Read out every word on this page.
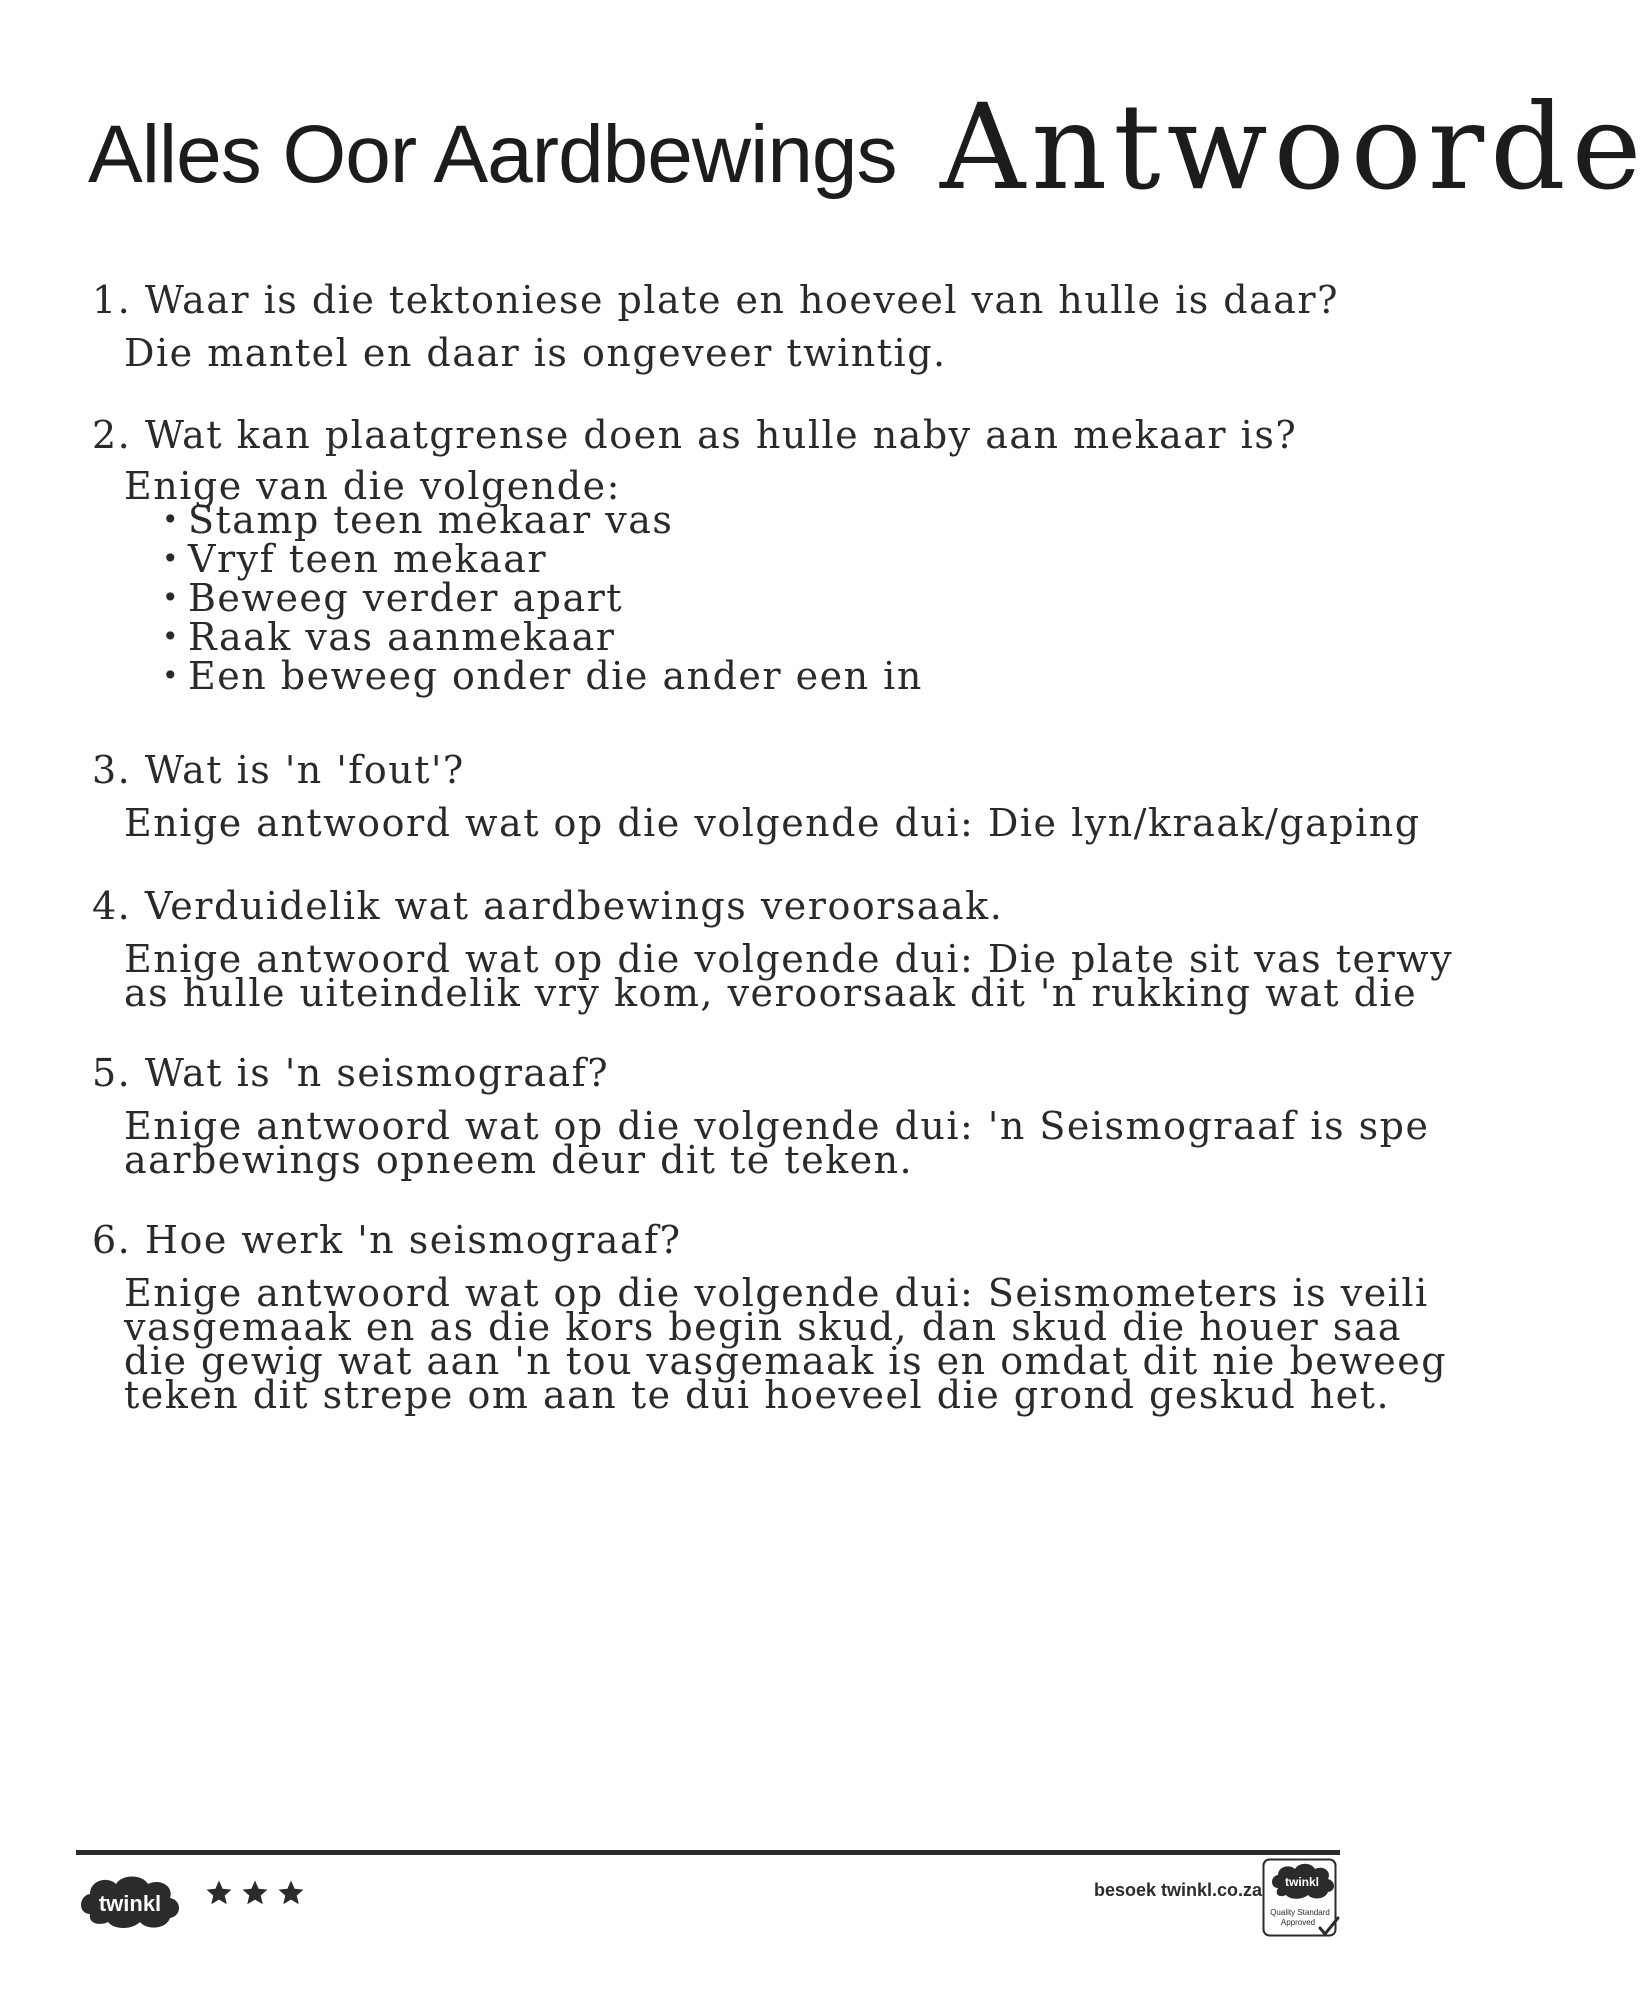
Alles Oor Aardbewings Antwoorde

1. Waar is die tektoniese plate en hoeveel van hulle is daar?

Die mantel en daar is ongeveer twintig.

2. Wat kan plaatgrense doen as hulle naby aan mekaar is?

Enige van die volgende:
• Stamp teen mekaar vas
• Vryf teen mekaar
• Beweeg verder apart
• Raak vas aanmekaar
• Een beweeg onder die ander een in

3. Wat is 'n 'fout'?

Enige antwoord wat op die volgende dui: Die lyn/kraak/gaping

4. Verduidelik wat aardbewings veroorsaak.

Enige antwoord wat op die volgende dui: Die plate sit vas terwy
as hulle uiteindelik vry kom, veroorsaak dit 'n rukking wat die

5. Wat is 'n seismograaf?

Enige antwoord wat op die volgende dui: 'n Seismograaf is spe
aarbewings opneem deur dit te teken.

6. Hoe werk 'n seismograaf?

Enige antwoord wat op die volgende dui: Seismometers is veili
vasgemaak en as die kors begin skud, dan skud die houer saa
die gewig wat aan 'n tou vasgemaak is en omdat dit nie beweeg
teken dit strepe om aan te dui hoeveel die grond geskud het.
twinkl
besoek twinkl.co.za twinkl
Quality Standard
Approved
